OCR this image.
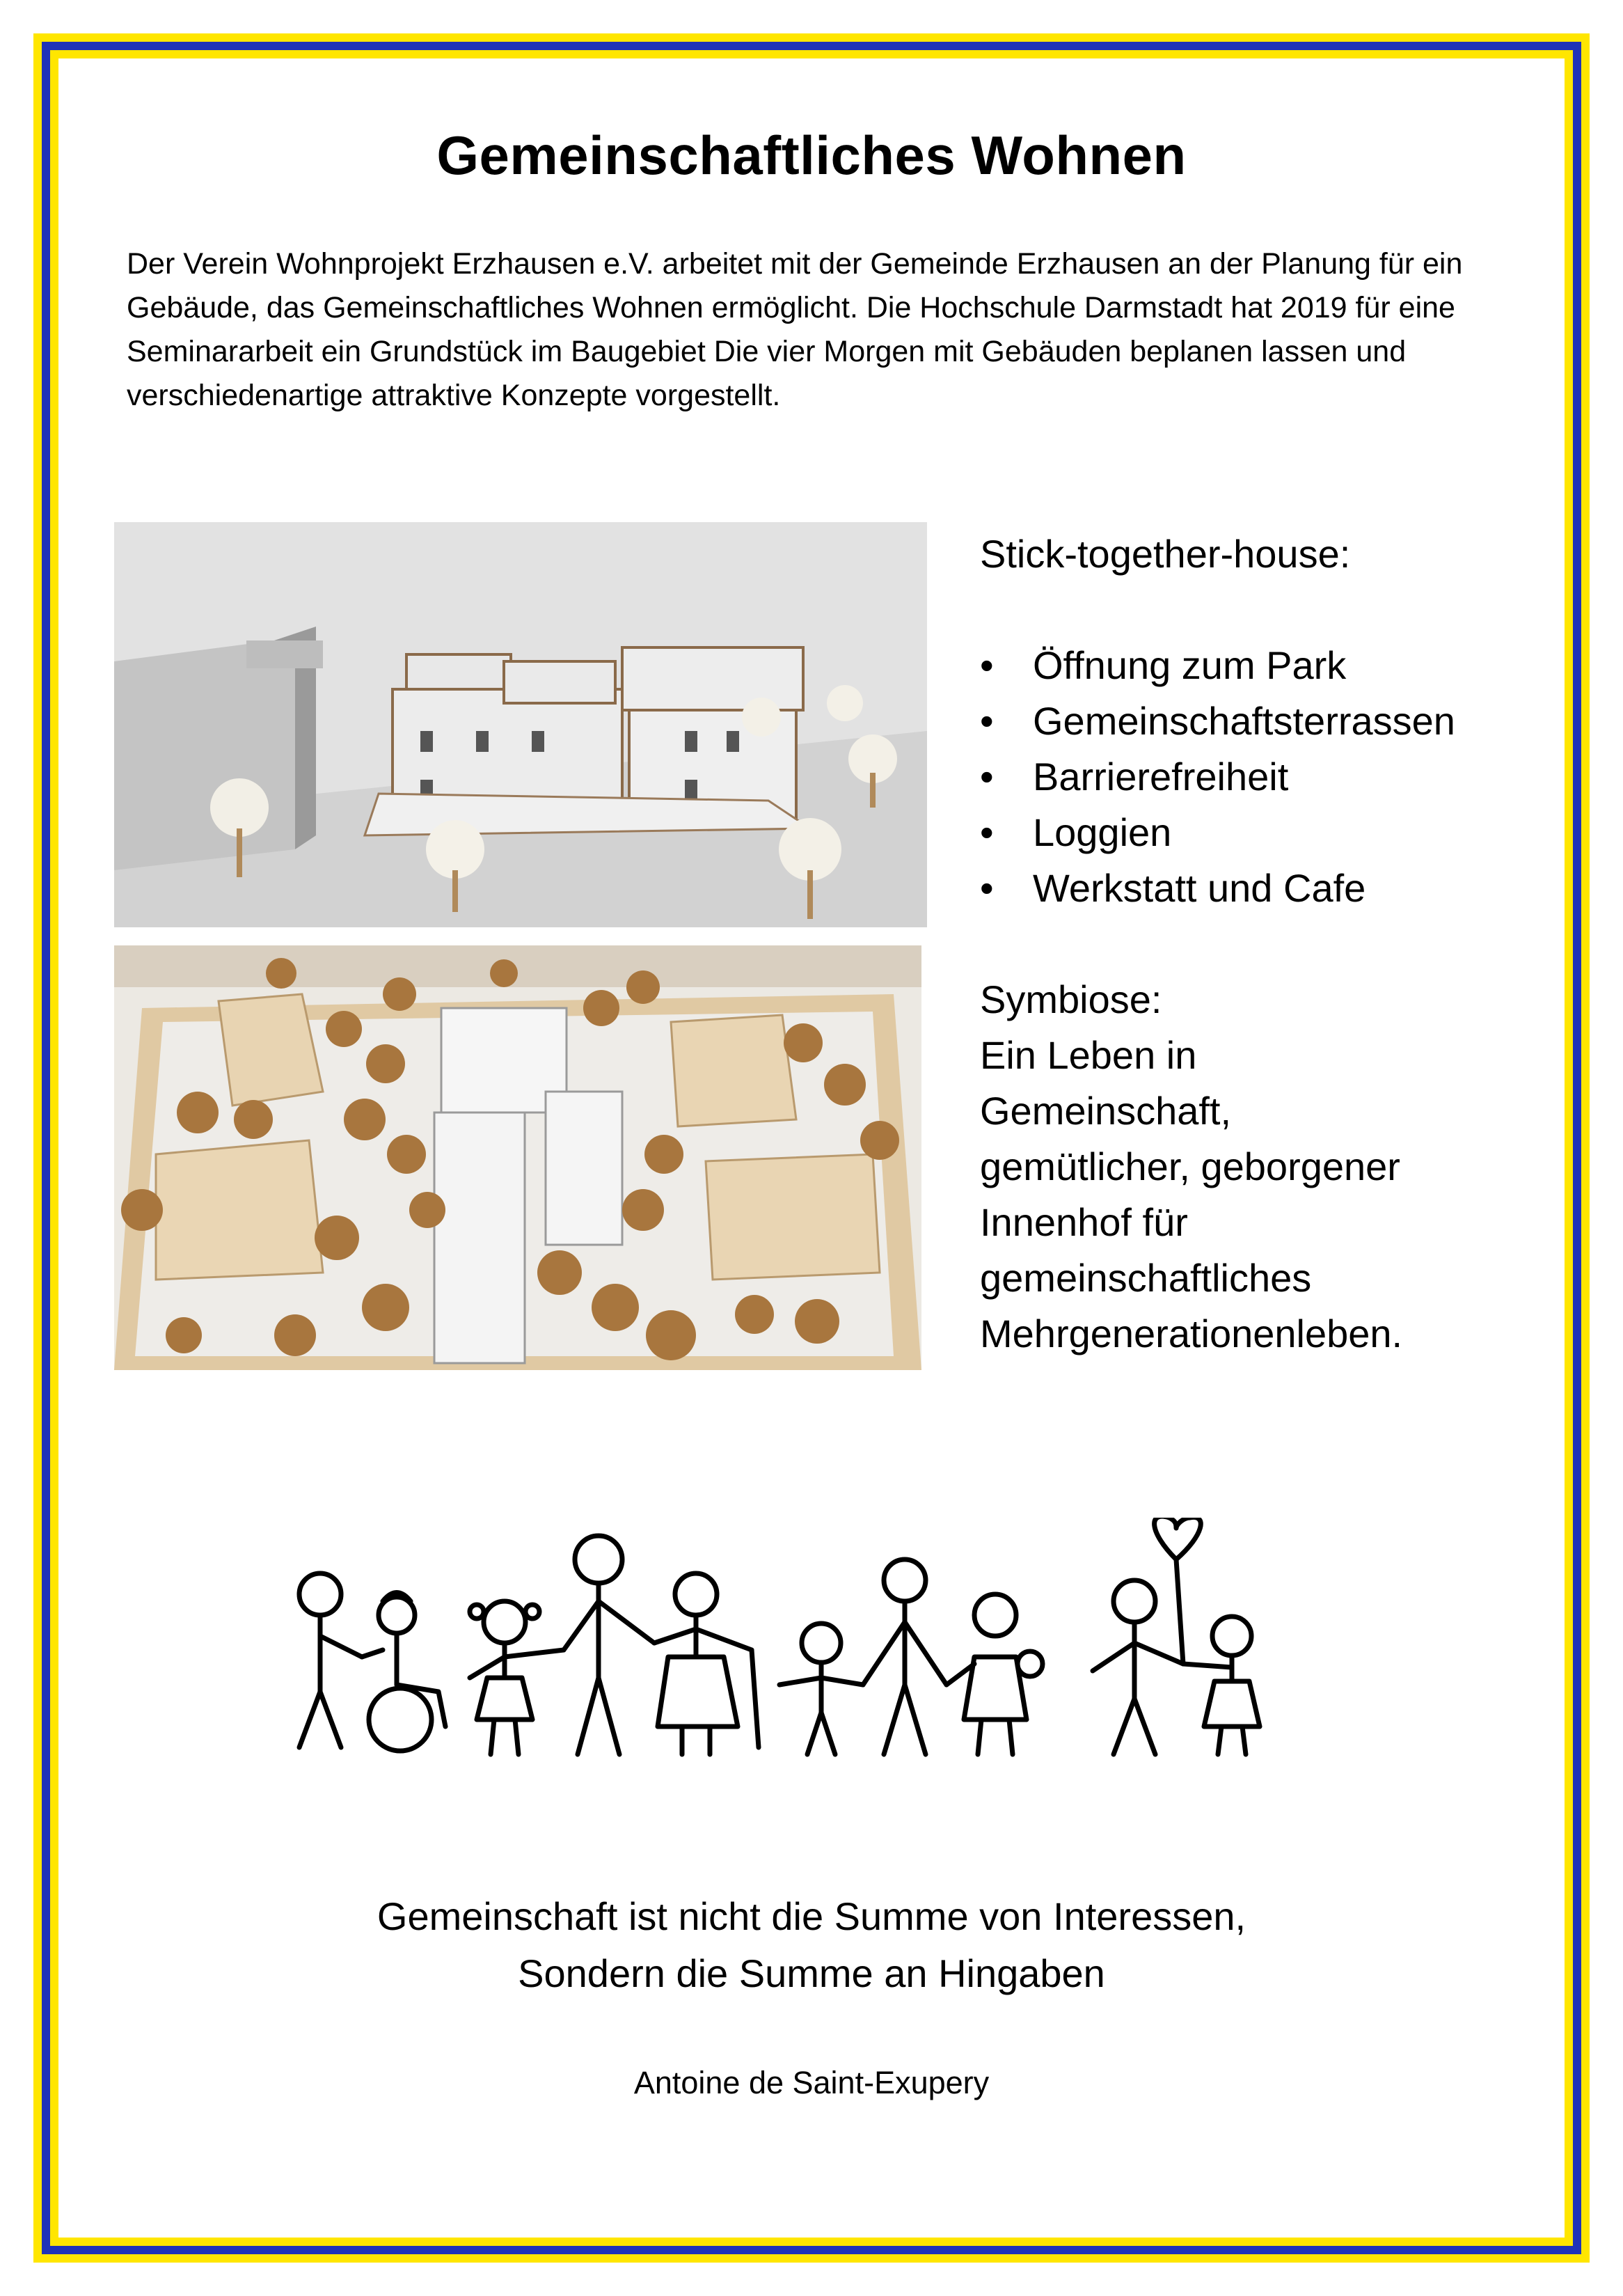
Gemeinschaftliches Wohnen

Der Verein Wohnprojekt Erzhausen e.V. arbeitet mit der Gemeinde Erzhausen an der Planung für ein Gebäude, das Gemeinschaftliches Wohnen ermöglicht. Die Hochschule Darmstadt hat 2019 für eine Seminararbeit ein Grundstück im Baugebiet Die vier Morgen mit Gebäuden beplanen lassen und verschiedenartige attraktive Konzepte vorgestellt.

Stick-together-house:

• Öffnung zum Park
• Gemeinschaftsterrassen
• Barrierefreiheit
• Loggien
• Werkstatt und Cafe

Symbiose:

Ein Leben in

Gemeinschaft,

gemütlicher, geborgener

Innenhof für

gemeinschaftliches

Mehrgenerationenleben.

Gemeinschaft ist nicht die Summe von Interessen,

Sondern die Summe an Hingaben

Antoine de Saint-Exupery
